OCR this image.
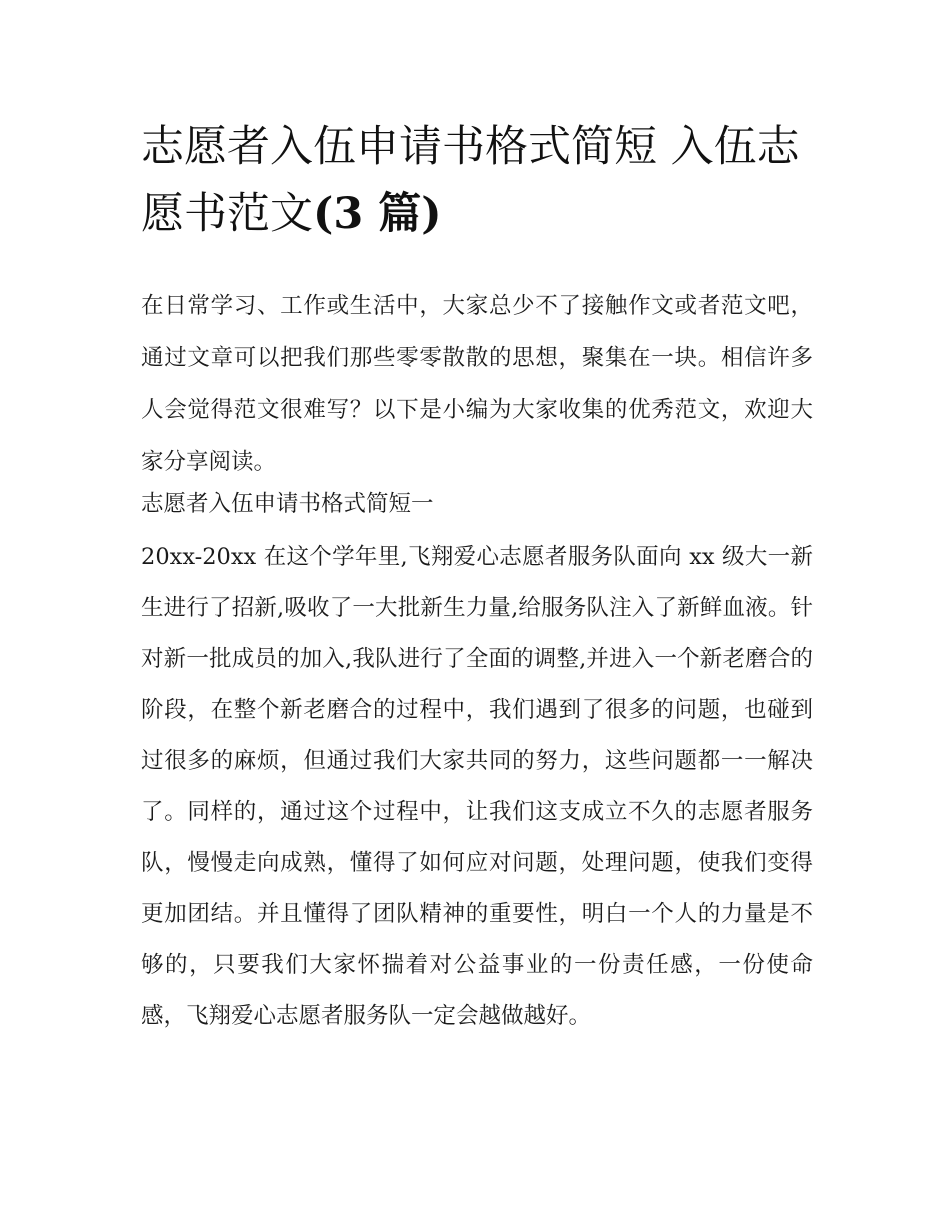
志愿者入伍申请书格式简短 入伍志愿书范文(3 篇)

在日常学习、工作或生活中，大家总少不了接触作文或者范文吧，通过文章可以把我们那些零零散散的思想，聚集在一块。相信许多人会觉得范文很难写？以下是小编为大家收集的优秀范文，欢迎大家分享阅读。

志愿者入伍申请书格式简短一

20xx-20xx 在这个学年里,飞翔爱心志愿者服务队面向 xx 级大一新生进行了招新,吸收了一大批新生力量,给服务队注入了新鲜血液。针对新一批成员的加入,我队进行了全面的调整,并进入一个新老磨合的阶段，在整个新老磨合的过程中，我们遇到了很多的问题，也碰到过很多的麻烦，但通过我们大家共同的努力，这些问题都一一解决了。同样的，通过这个过程中，让我们这支成立不久的志愿者服务队，慢慢走向成熟，懂得了如何应对问题，处理问题，使我们变得更加团结。并且懂得了团队精神的重要性，明白一个人的力量是不够的，只要我们大家怀揣着对公益事业的一份责任感，一份使命感，飞翔爱心志愿者服务队一定会越做越好。
